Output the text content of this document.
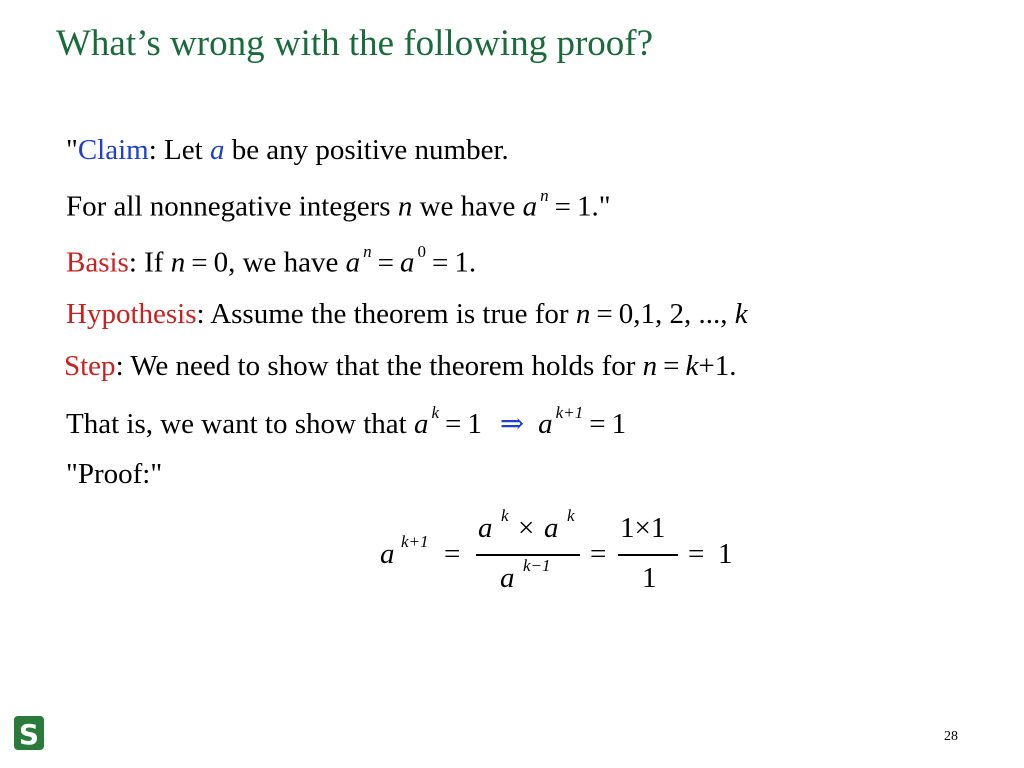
What’s wrong with the following proof?
"Claim: Let a be any positive number.
For all nonnegative integers n we have a $^n$ = 1."
Basis: If n = 0, we have a $^n$ = a $^0$ = 1.
Hypothesis: Assume the theorem is true for n = 0,1, 2, ..., k
Step: We need to show that the theorem holds for n = k+1.
That is, we want to show that a $^k$ = 1 ⇒ a $^{k+1}$ = 1
"Proof:"
a k+1 =
a k × a k
a k−1 =
1×1
1
= 1
S	28
